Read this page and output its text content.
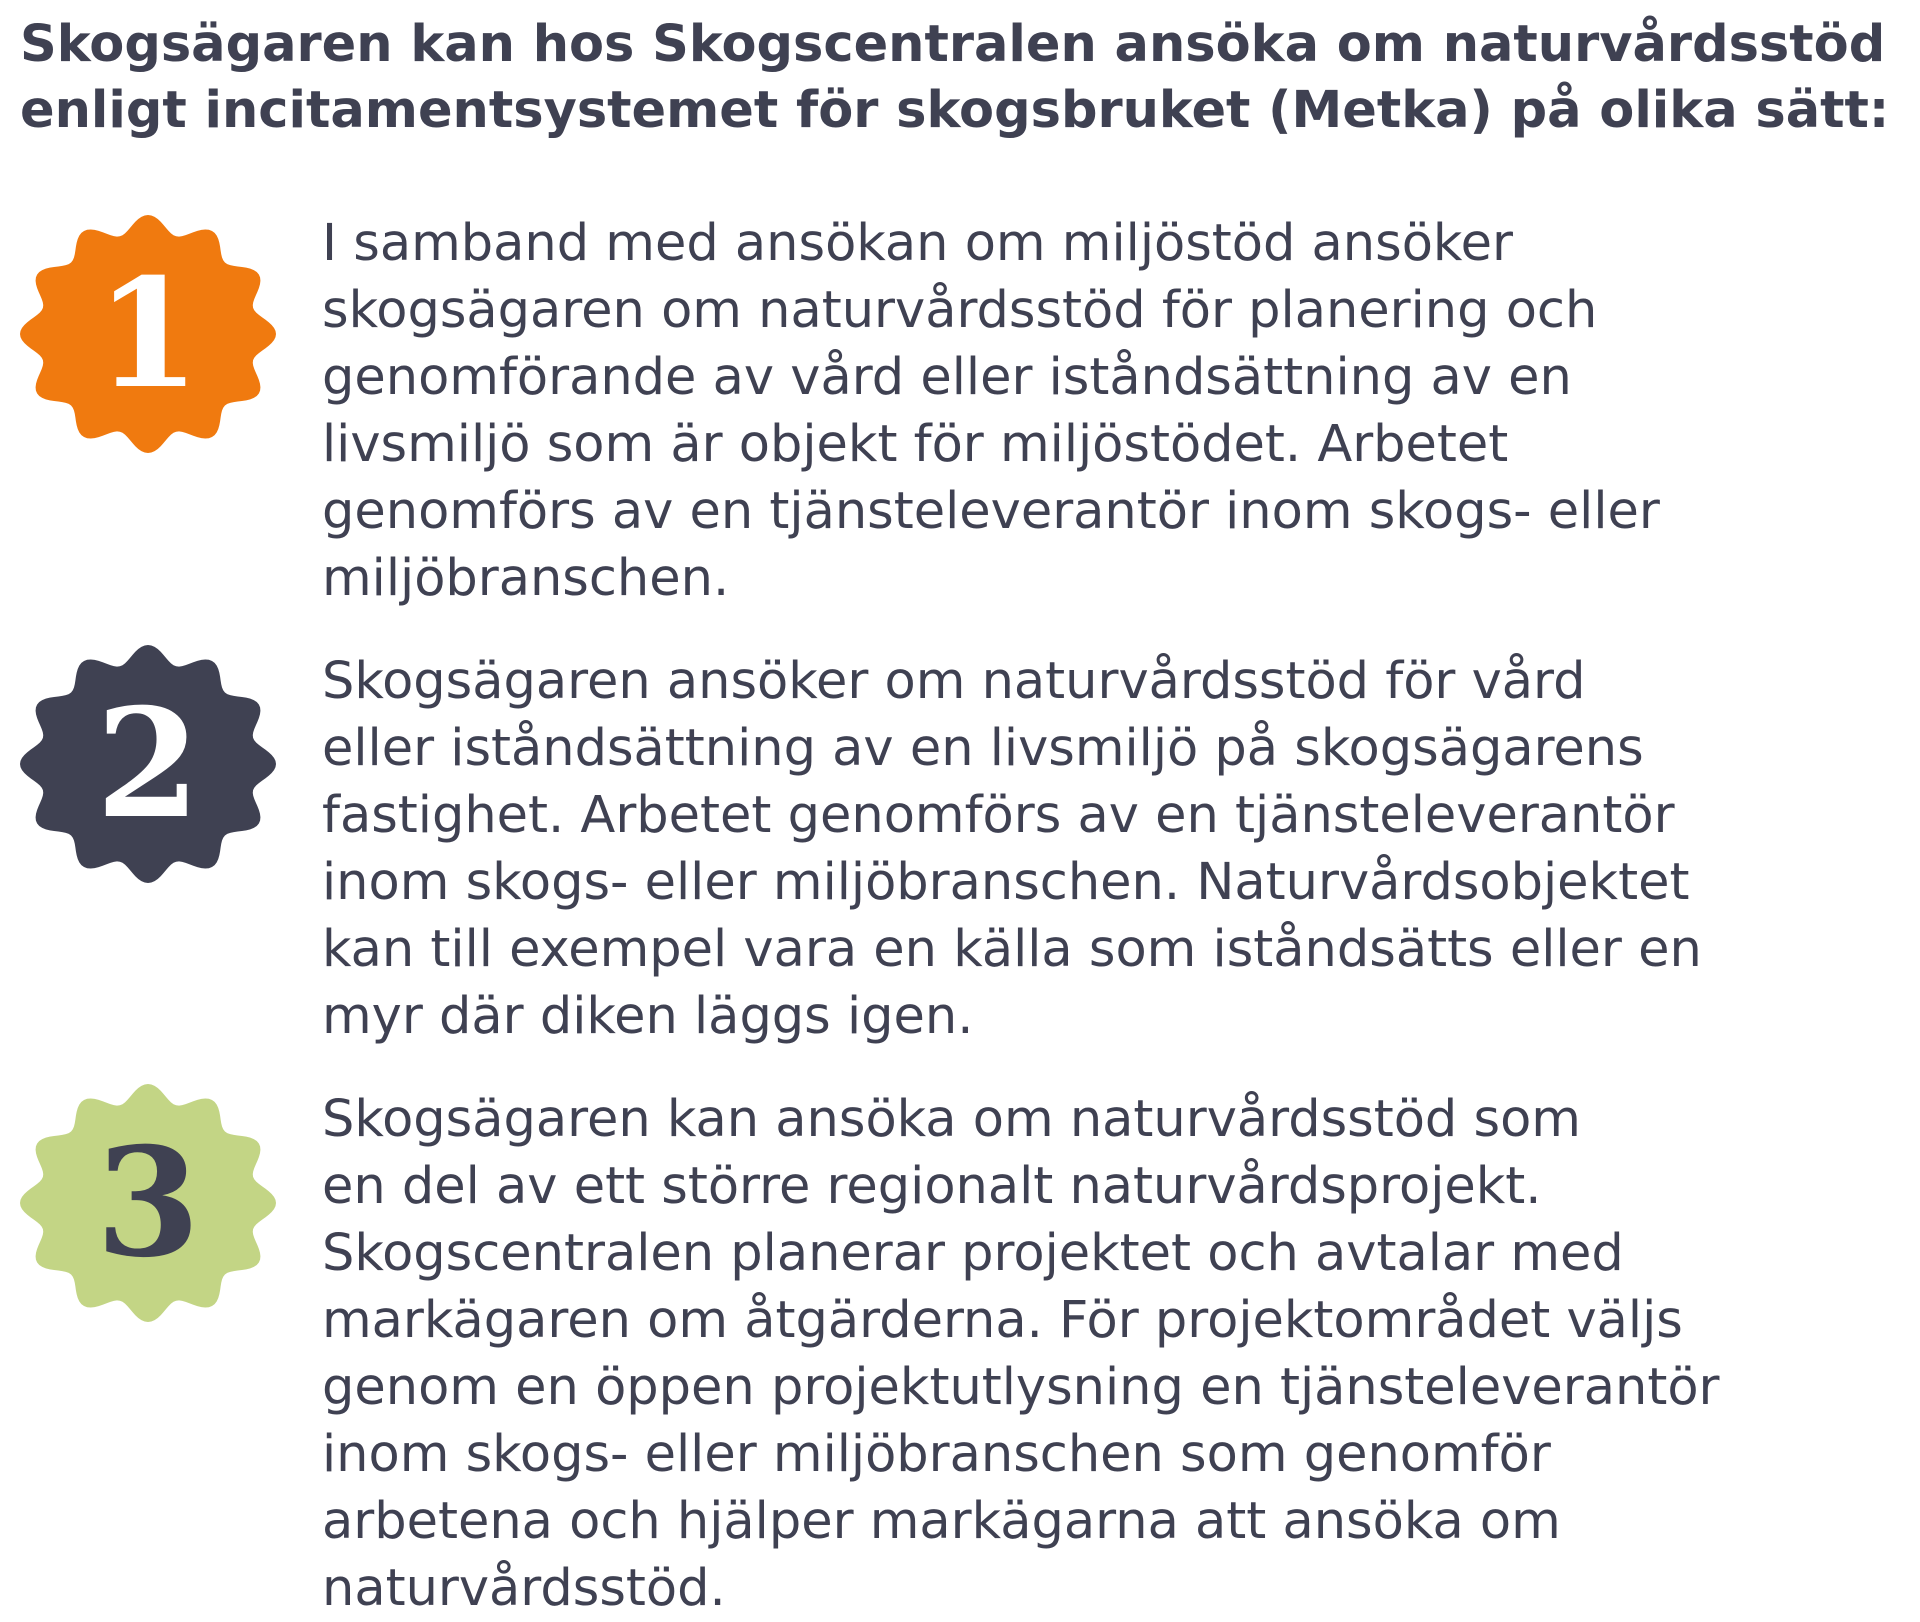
Skogsägaren kan hos Skogscentralen ansöka om naturvårdsstöd
enligt incitamentsystemet för skogsbruket (Metka) på olika sätt:
1

I samband med ansökan om miljöstöd ansöker
skogsägaren om naturvårdsstöd för planering och
genomförande av vård eller iståndsättning av en
livsmiljö som är objekt för miljöstödet. Arbetet
genomförs av en tjänsteleverantör inom skogs- eller
miljöbranschen.

2	Skogsägaren ansöker om naturvårdsstöd för vård
eller iståndsättning av en livsmiljö på skogsägarens
fastighet. Arbetet genomförs av en tjänsteleverantör
inom skogs- eller miljöbranschen. Naturvårdsobjektet
kan till exempel vara en källa som iståndsätts eller en
myr där diken läggs igen.

3	Skogsägaren kan ansöka om naturvårdsstöd som
en del av ett större regionalt naturvårdsprojekt.
Skogscentralen planerar projektet och avtalar med
markägaren om åtgärderna. För projektområdet väljs
genom en öppen projektutlysning en tjänsteleverantör
inom skogs- eller miljöbranschen som genomför
arbetena och hjälper markägarna att ansöka om
naturvårdsstöd.
